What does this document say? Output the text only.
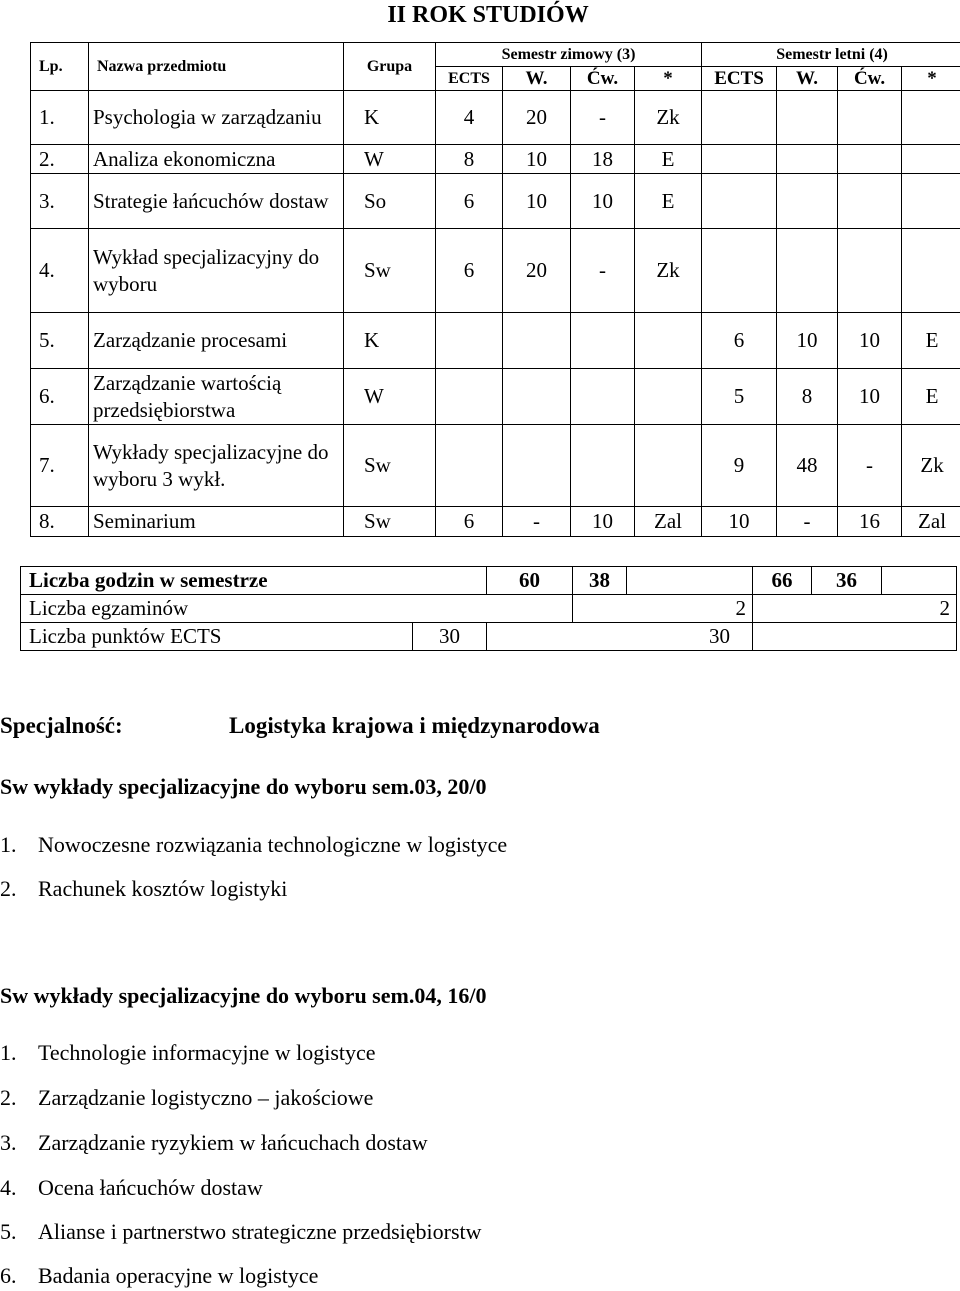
II ROK STUDIÓW
Lp.	Nazwa przedmiotu	Grupa	Semestr zimowy (3)				Semestr letni (4)			
			ECTS	W.	Ćw.	*	ECTS	W.	Ćw.	*
1.	Psychologia w zarządzaniu	K	4	20	-	Zk				
2.	Analiza ekonomiczna	W	8	10	18	E				
3.	Strategie łańcuchów dostaw	So	6	10	10	E				
4.	Wykład specjalizacyjny do wyboru	Sw	6	20	-	Zk				
5.	Zarządzanie procesami	K					6	10	10	E
6.	Zarządzanie wartością przedsiębiorstwa	W					5	8	10	E
7.	Wykłady specjalizacyjne do wyboru 3 wykł.	Sw					9	48	-	Zk
8.	Seminarium	Sw	6	-	10	Zal	10	-	16	Zal
Liczba godzin w semestrze		60	38		66	36	
Liczba egzaminów			2		2		
Liczba punktów ECTS	30	30					
Specjalność:	Logistyka krajowa i międzynarodowa
Sw wykłady specjalizacyjne do wyboru sem.03, 20/0
1. Nowoczesne rozwiązania technologiczne w logistyce
2. Rachunek kosztów logistyki
Sw wykłady specjalizacyjne do wyboru sem.04, 16/0
1. Technologie informacyjne w logistyce
2. Zarządzanie logistyczno – jakościowe
3. Zarządzanie ryzykiem w łańcuchach dostaw
4. Ocena łańcuchów dostaw
5. Alianse i partnerstwo strategiczne przedsiębiorstw
6. Badania operacyjne w logistyce
